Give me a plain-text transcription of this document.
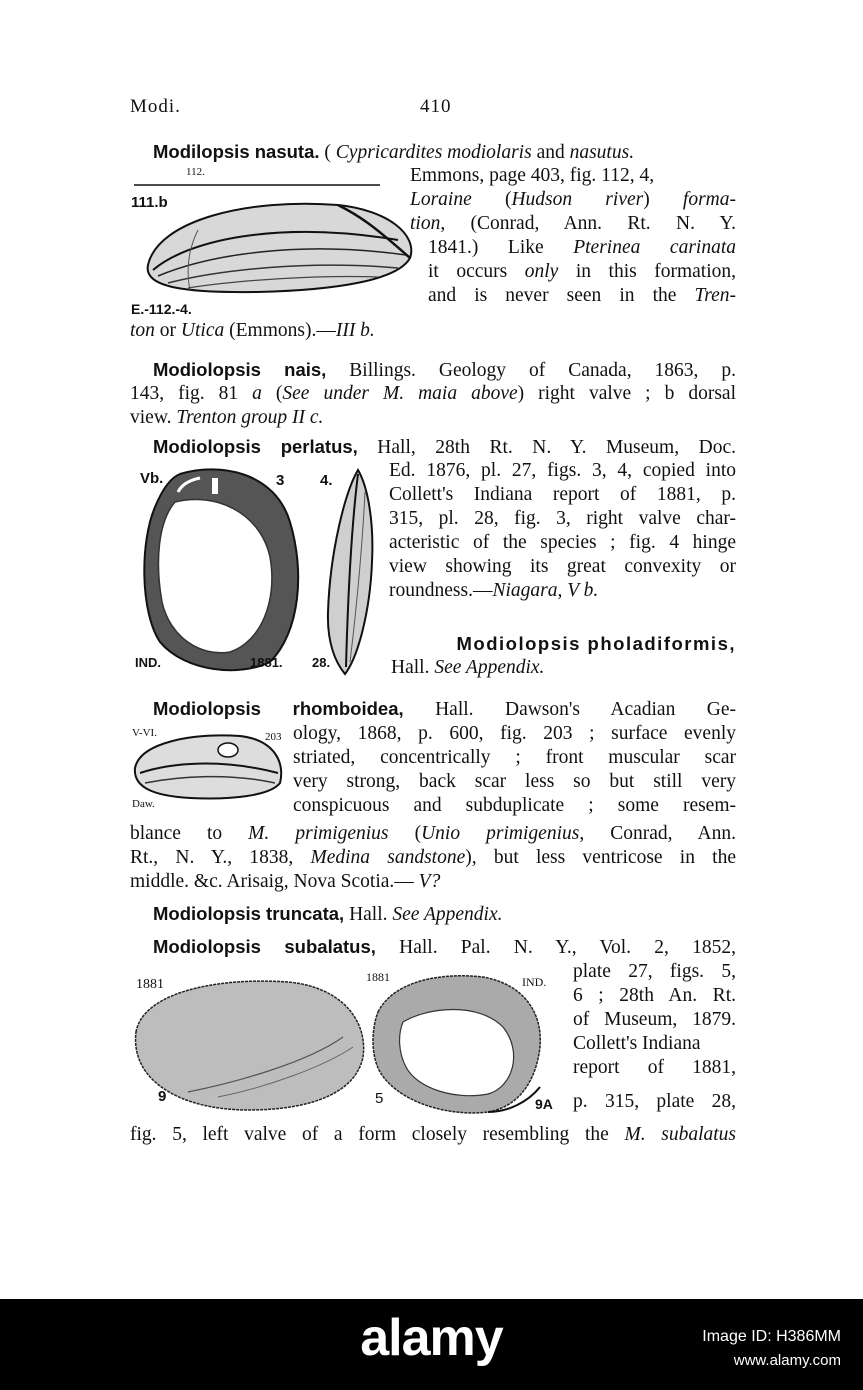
Modi.	410
Modilopsis nasuta. ( Cypricardites modiolaris and nasutus.
112.
111.b
E.-112.-4.
Emmons, page 403, fig. 112, 4,
Loraine (Hudson river) forma-
tion, (Conrad, Ann. Rt. N. Y.
1841.) Like Pterinea carinata
it occurs only in this formation,
and is never seen in the Tren-
ton or Utica (Emmons).—III b.
Modiolopsis nais, Billings. Geology of Canada, 1863, p.
143, fig. 81 a (See under M. maia above) right valve ; b dorsal
view. Trenton group II c.
Modiolopsis perlatus, Hall, 28th Rt. N. Y. Museum, Doc.
Vb.	3 4.
IND.	1881. 28.
Ed. 1876, pl. 27, figs. 3, 4, copied into
Collett's Indiana report of 1881, p.
315, pl. 28, fig. 3, right valve char-
acteristic of the species ; fig. 4 hinge
view showing its great convexity or
roundness.—Niagara, V b.
Modiolopsis pholadiformis,
Hall. See Appendix.
Modiolopsis rhomboidea, Hall. Dawson's Acadian Ge-
V-VI.	203
Daw.
ology, 1868, p. 600, fig. 203 ; surface evenly
striated, concentrically ; front muscular scar
very strong, back scar less so but still very
conspicuous and subduplicate ; some resem-
blance to M. primigenius (Unio primigenius, Conrad, Ann.
Rt., N. Y., 1838, Medina sandstone), but less ventricose in the
middle. &c. Arisaig, Nova Scotia.— V?
Modiolopsis truncata, Hall. See Appendix.
Modiolopsis subalatus, Hall. Pal. N. Y., Vol. 2, 1852,
1881	1881	IND.
9	5	9A
plate 27, figs. 5,
6 ; 28th An. Rt.
of Museum, 1879.
Collett's Indiana
report of 1881,
p. 315, plate 28,
fig. 5, left valve of a form closely resembling the M. subalatus
alamy	Image ID: H386MM
www.alamy.com
